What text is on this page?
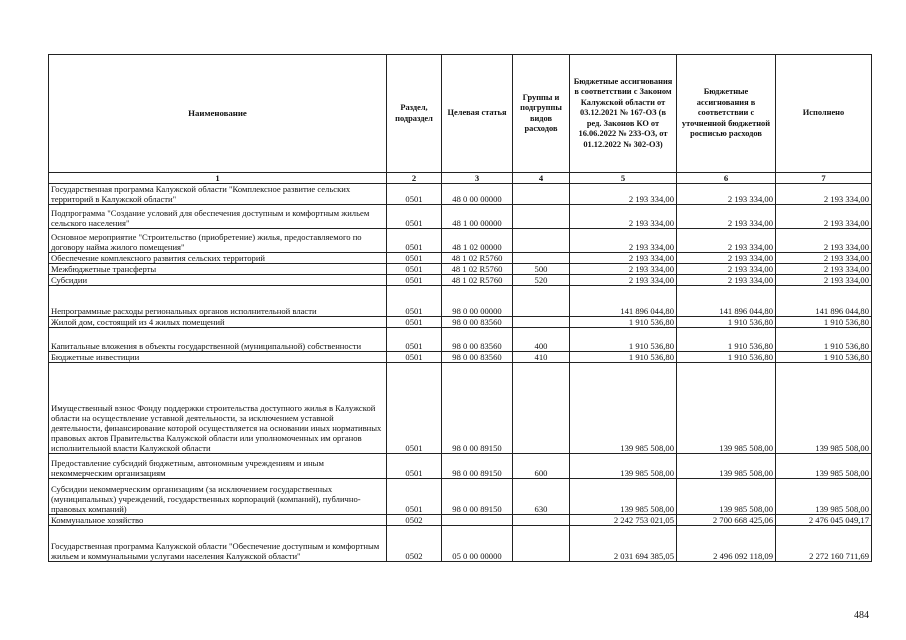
Наименование	Раздел, подраздел	Целевая статья	Группы и подгруппы видов расходов	Бюджетные ассигнования в соответствии с Законом Калужской области от 03.12.2021 № 167-ОЗ (в ред. Законов КО от 16.06.2022 № 233-ОЗ, от 01.12.2022 № 302-ОЗ)	Бюджетные ассигнования в соответствии с уточненной бюджетной росписью расходов	Исполнено
1	2	3	4	5	6	7
Государственная программа Калужской области "Комплексное развитие сельских территорий в Калужской области"	0501	48 0 00 00000		2 193 334,00	2 193 334,00	2 193 334,00
Подпрограмма "Создание условий для обеспечения доступным и комфортным жильем сельского населения"	0501	48 1 00 00000		2 193 334,00	2 193 334,00	2 193 334,00
Основное мероприятие "Строительство (приобретение) жилья, предоставляемого по договору найма жилого помещения"	0501	48 1 02 00000		2 193 334,00	2 193 334,00	2 193 334,00
Обеспечение комплексного развития сельских территорий	0501	48 1 02 R5760		2 193 334,00	2 193 334,00	2 193 334,00
Межбюджетные трансферты	0501	48 1 02 R5760	500	2 193 334,00	2 193 334,00	2 193 334,00
Субсидии	0501	48 1 02 R5760	520	2 193 334,00	2 193 334,00	2 193 334,00
Непрограммные расходы региональных органов исполнительной власти	0501	98 0 00 00000		141 896 044,80	141 896 044,80	141 896 044,80
Жилой дом, состоящий из 4 жилых помещений	0501	98 0 00 83560		1 910 536,80	1 910 536,80	1 910 536,80
Капитальные вложения в объекты государственной (муниципальной) собственности	0501	98 0 00 83560	400	1 910 536,80	1 910 536,80	1 910 536,80
Бюджетные инвестиции	0501	98 0 00 83560	410	1 910 536,80	1 910 536,80	1 910 536,80
Имущественный взнос Фонду поддержки строительства доступного жилья в Калужской области на осуществление уставной деятельности, за исключением уставной деятельности, финансирование которой осуществляется на основании иных нормативных правовых актов Правительства Калужской области или уполномоченных им органов исполнительной власти Калужской области	0501	98 0 00 89150		139 985 508,00	139 985 508,00	139 985 508,00
Предоставление субсидий бюджетным, автономным учреждениям и иным некоммерческим организациям	0501	98 0 00 89150	600	139 985 508,00	139 985 508,00	139 985 508,00
Субсидии некоммерческим организациям (за исключением государственных (муниципальных) учреждений, государственных корпораций (компаний), публично-правовых компаний)	0501	98 0 00 89150	630	139 985 508,00	139 985 508,00	139 985 508,00
Коммунальное хозяйство	0502			2 242 753 021,05	2 700 668 425,06	2 476 045 049,17
Государственная программа Калужской области "Обеспечение доступным и комфортным жильем и коммунальными услугами населения Калужской области"	0502	05 0 00 00000		2 031 694 385,05	2 496 092 118,09	2 272 160 711,69
484
